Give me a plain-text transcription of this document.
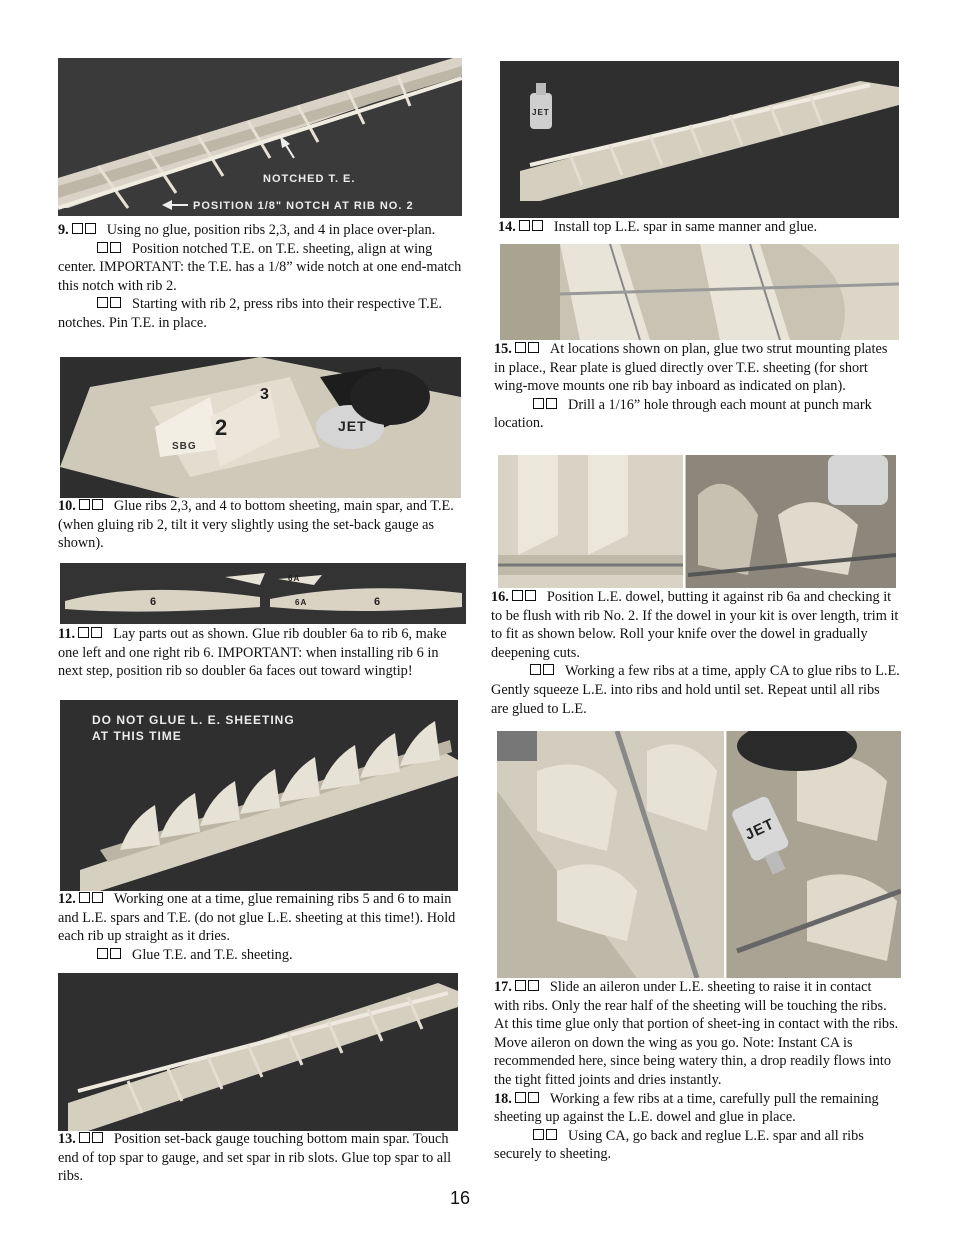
NOTCHED T. E.
POSITION 1/8" NOTCH AT RIB NO. 2

9.	Using no glue, position ribs 2,3, and 4 in place over-plan.

Position notched T.E. on T.E. sheeting, align at wing center. IMPORTANT: the T.E. has a 1/8” wide notch at one end-match this notch with rib 2.

Starting with rib 2, press ribs into their respective T.E. notches. Pin T.E. in place.

SBG
2
3
JET

10.	Glue ribs 2,3, and 4 to bottom sheeting, main spar, and T.E. (when gluing rib 2, tilt it very slightly using the set-back gauge as shown).

6
6A
6A	6

11.	Lay parts out as shown. Glue rib doubler 6a to rib 6, make one left and one right rib 6. IMPORTANT: when installing rib 6 in next step, position rib so doubler 6a faces out toward wingtip!

DO NOT GLUE L. E. SHEETING
AT THIS TIME

12.	Working one at a time, glue remaining ribs 5 and 6 to main and L.E. spars and T.E. (do not glue L.E. sheeting at this time!). Hold each rib up straight as it dries.

Glue T.E. and T.E. sheeting.

13.	Position set-back gauge touching bottom main spar. Touch end of top spar to gauge, and set spar in rib slots. Glue top spar to all ribs.

JET

14.	Install top L.E. spar in same manner and glue.

15.	At locations shown on plan, glue two strut mounting plates in place., Rear plate is glued directly over T.E. sheeting (for short wing-move mounts one rib bay inboard as indicated on plan).

Drill a 1/16” hole through each mount at punch mark location.

16.	Position L.E. dowel, butting it against rib 6a and checking it to be flush with rib No. 2. If the dowel in your kit is over length, trim it to fit as shown below. Roll your knife over the dowel in gradually deepening cuts.

Working a few ribs at a time, apply CA to glue ribs to L.E. Gently squeeze L.E. into ribs and hold until set. Repeat until all ribs are glued to L.E.

JET

17.	Slide an aileron under L.E. sheeting to raise it in contact with ribs. Only the rear half of the sheeting will be touching the ribs. At this time glue only that portion of sheet-ing in contact with the ribs. Move aileron on down the wing as you go. Note: Instant CA is recommended here, since being watery thin, a drop readily flows into the tight fitted joints and dries instantly.

18.	Working a few ribs at a time, carefully pull the remaining sheeting up against the L.E. dowel and glue in place.

Using CA, go back and reglue L.E. spar and all ribs securely to sheeting.

16
